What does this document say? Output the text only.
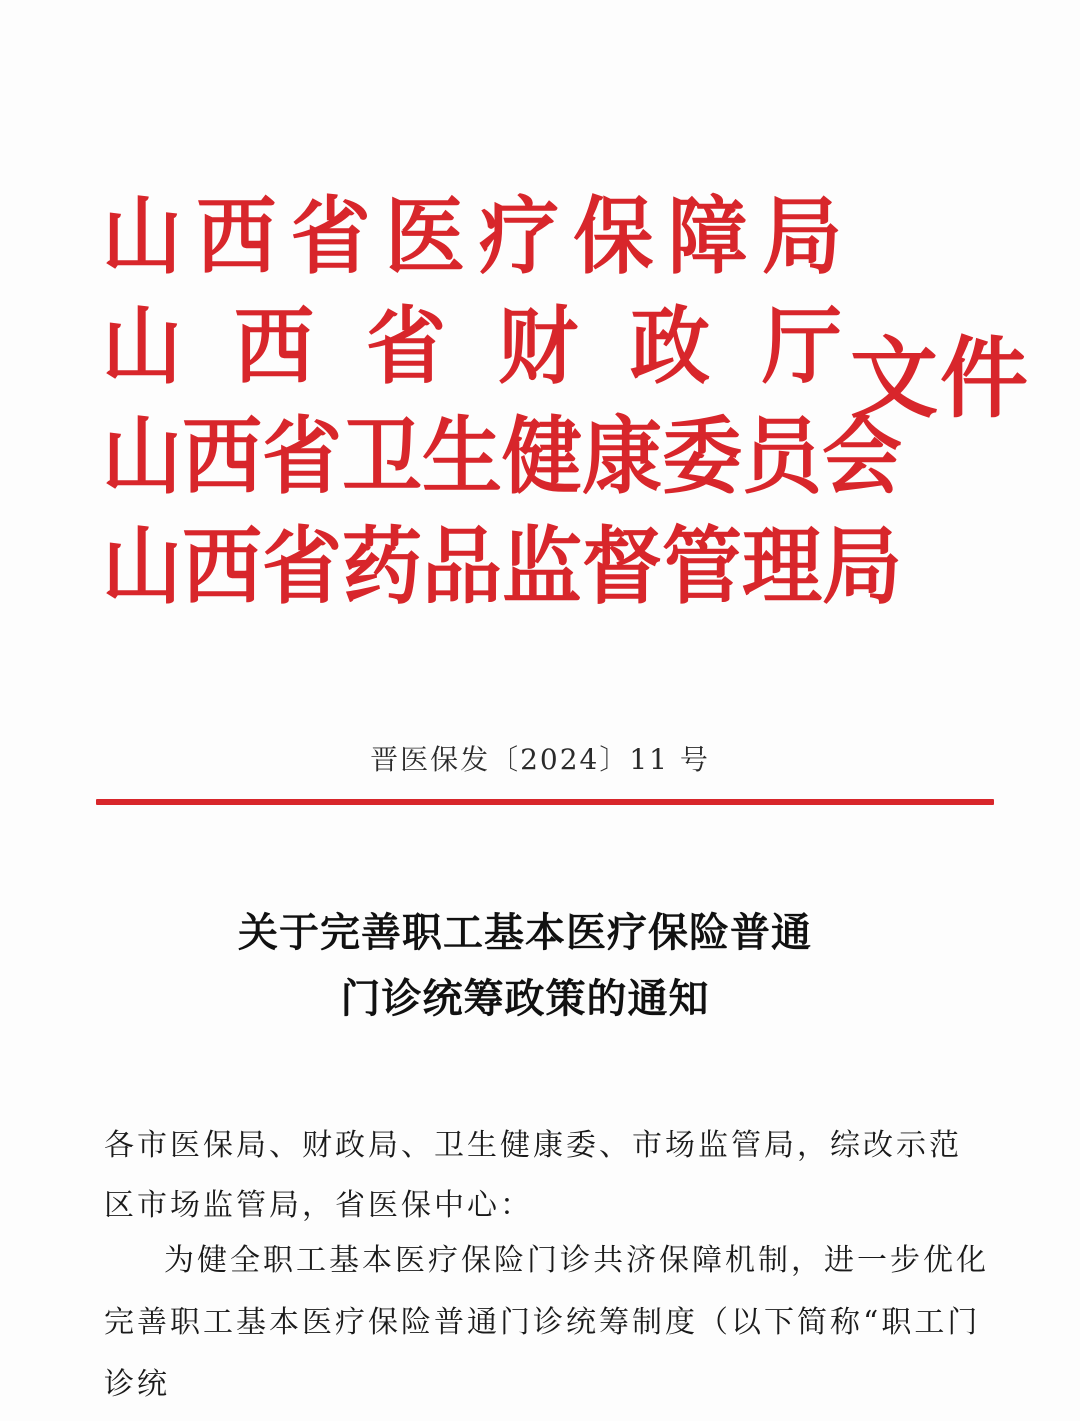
山 西 省 医 疗 保 障 局
山 西 省 财 政 厅
山 西 省 卫 生 健 康 委 员 会
山 西 省 药 品 监 督 管 理 局
文件
晋医保发〔2024〕11 号
关于完善职工基本医疗保险普通
门诊统筹政策的通知
各市医保局、财政局、卫生健康委、市场监管局，综改示范区市场监管局，省医保中心：
为健全职工基本医疗保险门诊共济保障机制，进一步优化完善职工基本医疗保险普通门诊统筹制度（以下简称“职工门诊统
